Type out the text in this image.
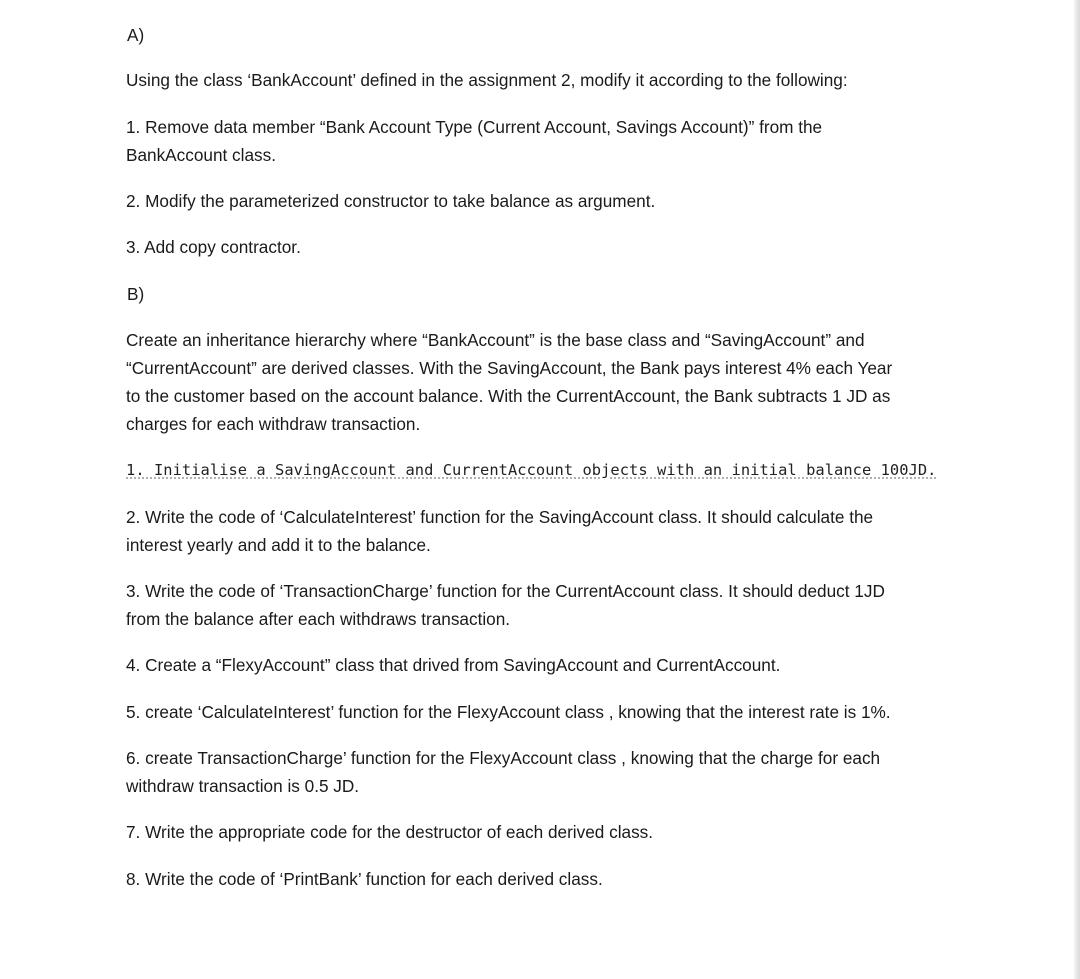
A)

Using the class ‘BankAccount’ defined in the assignment 2, modify it according to the following:

1. Remove data member “Bank Account Type (Current Account, Savings Account)” from the

BankAccount class.

2. Modify the parameterized constructor to take balance as argument.

3. Add copy contractor.

B)

Create an inheritance hierarchy where “BankAccount” is the base class and “SavingAccount” and

“CurrentAccount” are derived classes. With the SavingAccount, the Bank pays interest 4% each Year

to the customer based on the account balance. With the CurrentAccount, the Bank subtracts 1 JD as

charges for each withdraw transaction.

1. Initialise a SavingAccount and CurrentAccount objects with an initial balance 100JD.

2. Write the code of ‘CalculateInterest’ function for the SavingAccount class. It should calculate the

interest yearly and add it to the balance.

3. Write the code of ‘TransactionCharge’ function for the CurrentAccount class. It should deduct 1JD

from the balance after each withdraws transaction.

4. Create a “FlexyAccount” class that drived from SavingAccount and CurrentAccount.

5. create ‘CalculateInterest’ function for the FlexyAccount class , knowing that the interest rate is 1%.

6. create TransactionCharge’ function for the FlexyAccount class , knowing that the charge for each

withdraw transaction is 0.5 JD.

7. Write the appropriate code for the destructor of each derived class.

8. Write the code of ‘PrintBank’ function for each derived class.
